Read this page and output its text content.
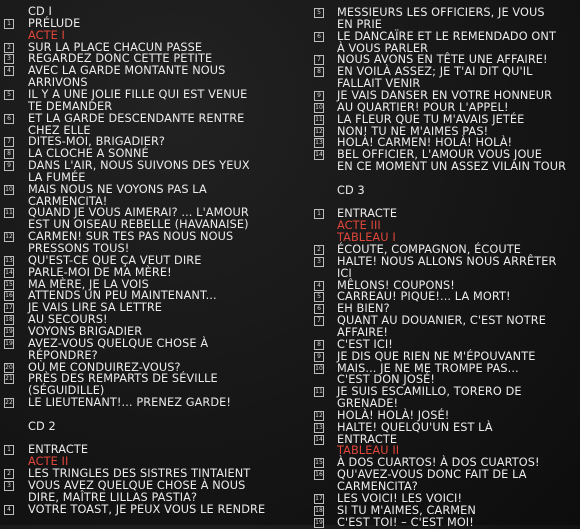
CD I
1 PRÉLUDE
ACTE I
2 SUR LA PLACE CHACUN PASSE
3 REGARDEZ DONC CETTE PETITE
4 AVEC LA GARDE MONTANTE NOUS
ARRIVONS
5 IL Y A UNE JOLIE FILLE QUI EST VENUE
TE DEMANDER
6 ET LA GARDE DESCENDANTE RENTRE
CHEZ ELLE
7 DITES-MOI, BRIGADIER?
8 LA CLOCHE A SONNÉ
9 DANS L'AIR, NOUS SUIVONS DES YEUX
LA FUMÉE
10 MAIS NOUS NE VOYONS PAS LA
CARMENCITA!
11 QUAND JE VOUS AIMERAI? ... L'AMOUR
EST UN OISEAU REBELLE (HAVANAISE)
12 CARMEN! SUR TES PAS NOUS NOUS
PRESSONS TOUS!
13 QU'EST-CE QUE ÇA VEUT DIRE
14 PARLE-MOI DE MA MÈRE!
15 MA MÈRE, JE LA VOIS
16 ATTENDS UN PEU MAINTENANT...
17 JE VAIS LIRE SA LETTRE
18 AU SECOURS!
19 VOYONS BRIGADIER
19 AVEZ-VOUS QUELQUE CHOSE À
RÉPONDRE?
20 OÙ ME CONDUIREZ-VOUS?
21 PRÈS DES REMPARTS DE SÉVILLE
(SÉGUIDILLE)
22 LE LIEUTENANT!... PRENEZ GARDE!
CD 2
1 ENTRACTE
ACTE II
2 LES TRINGLES DES SISTRES TINTAIENT
3 VOUS AVEZ QUELQUE CHOSE À NOUS
DIRE, MAÎTRE LILLAS PASTIA?
4 VOTRE TOAST, JE PEUX VOUS LE RENDRE
5 MESSIEURS LES OFFICIERS, JE VOUS
EN PRIE
6 LE DANCAÏRE ET LE REMENDADO ONT
À VOUS PARLER
7 NOUS AVONS EN TÊTE UNE AFFAIRE!
8 EN VOILÀ ASSEZ; JE T'AI DIT QU'IL
FALLAIT VENIR
9 JE VAIS DANSER EN VOTRE HONNEUR
10 AU QUARTIER! POUR L'APPEL!
11 LA FLEUR QUE TU M'AVAIS JETÉE
12 NON! TU NE M'AIMES PAS!
13 HOLÀ! CARMEN! HOLÀ! HOLÀ!
14 BEL OFFICIER, L'AMOUR VOUS JOUE
EN CE MOMENT UN ASSEZ VILAIN TOUR
CD 3
1 ENTRACTE
ACTE III
TABLEAU I
2 ÉCOUTE, COMPAGNON, ÉCOUTE
3 HALTE! NOUS ALLONS NOUS ARRÊTER
ICI
4 MÊLONS! COUPONS!
5 CARREAU! PIQUE!... LA MORT!
6 EH BIEN?
7 QUANT AU DOUANIER, C'EST NOTRE
AFFAIRE!
8 C'EST ICI!
9 JE DIS QUE RIEN NE M'ÉPOUVANTE
10 MAIS... JE NE ME TROMPE PAS...
C'EST DON JOSÉ!
11 JE SUIS ESCAMILLO, TORERO DE
GRENADE!
12 HOLÀ! HOLÀ! JOSÉ!
13 HALTE! QUELQU'UN EST LÀ
14 ENTRACTE
TABLEAU II
15 À DOS CUARTOS! À DOS CUARTOS!
16 QU'AVEZ-VOUS DONC FAIT DE LA
CARMENCITA?
17 LES VOICI! LES VOICI!
18 SI TU M'AIMES, CARMEN
19 C'EST TOI! – C'EST MOI!
